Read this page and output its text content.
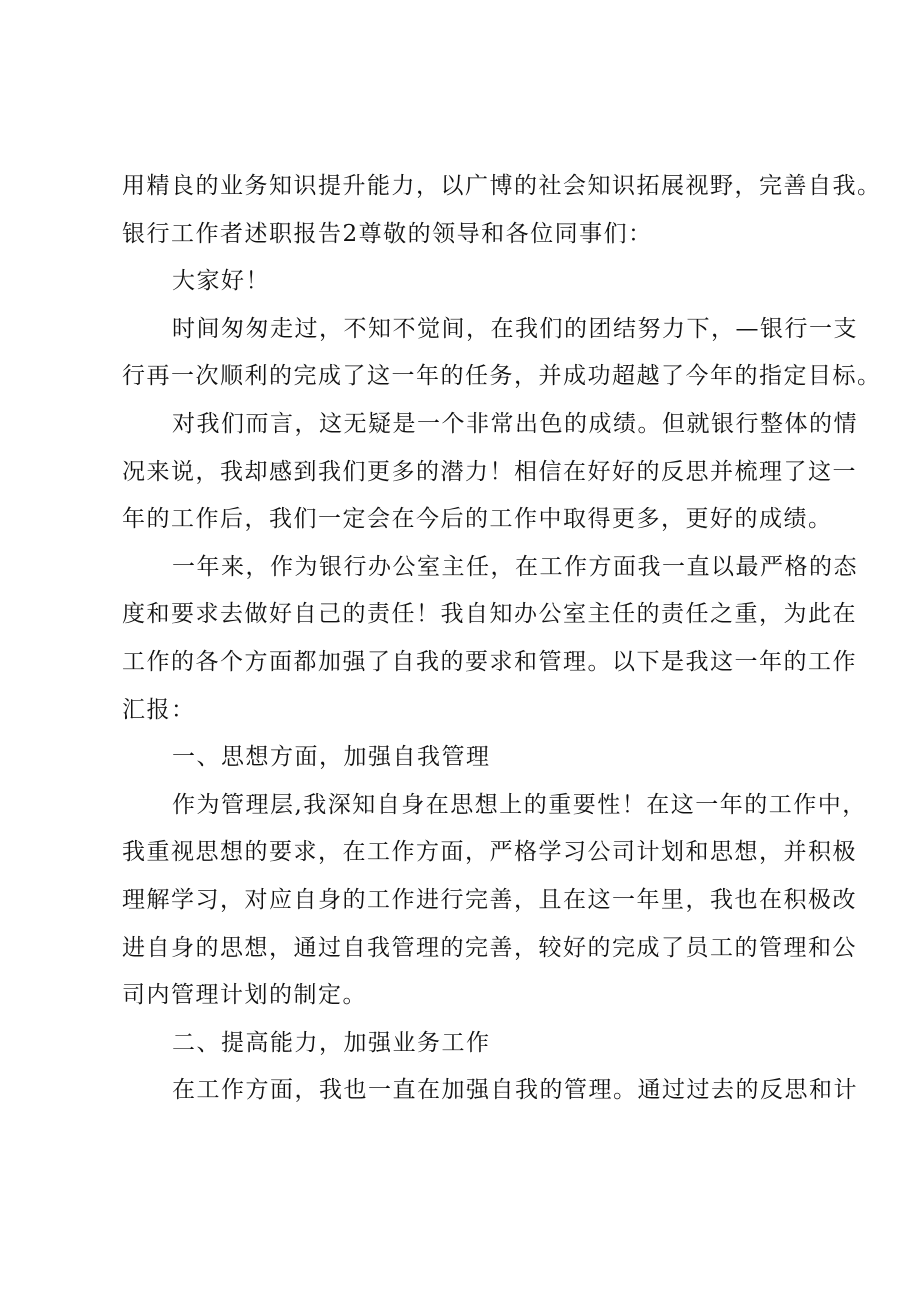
用精良的业务知识提升能力，以广博的社会知识拓展视野，完善自我。
银行工作者述职报告2尊敬的领导和各位同事们：
大家好！
时间匆匆走过，不知不觉间，在我们的团结努力下，—银行一支
行再一次顺利的完成了这一年的任务，并成功超越了今年的指定目标。
对我们而言，这无疑是一个非常出色的成绩。但就银行整体的情
况来说，我却感到我们更多的潜力！相信在好好的反思并梳理了这一
年的工作后，我们一定会在今后的工作中取得更多，更好的成绩。
一年来，作为银行办公室主任，在工作方面我一直以最严格的态
度和要求去做好自己的责任！我自知办公室主任的责任之重，为此在
工作的各个方面都加强了自我的要求和管理。以下是我这一年的工作
汇报：
一、思想方面，加强自我管理
作为管理层,我深知自身在思想上的重要性！在这一年的工作中，
我重视思想的要求，在工作方面，严格学习公司计划和思想，并积极
理解学习，对应自身的工作进行完善，且在这一年里，我也在积极改
进自身的思想，通过自我管理的完善，较好的完成了员工的管理和公
司内管理计划的制定。
二、提高能力，加强业务工作
在工作方面，我也一直在加强自我的管理。通过过去的反思和计
